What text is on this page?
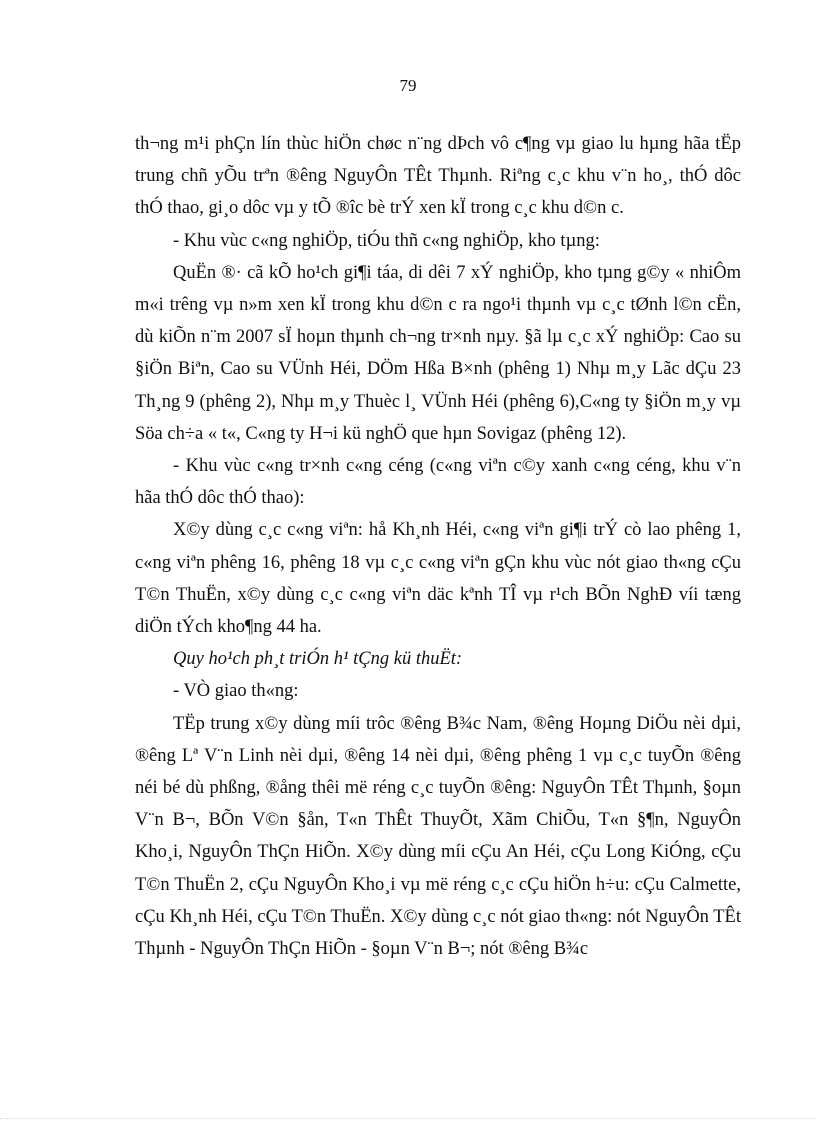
79

th¬ng m¹i phÇn lín thùc hiÖn chøc n¨ng dÞch vô c¶ng vµ giao lu hµng hãa tËp trung chñ yÕu trªn ®êng NguyÔn TÊt Thµnh. Riªng c¸c khu v¨n ho¸, thÓ dôc thÓ thao, gi¸o dôc vµ y tÕ ®îc bè trÝ xen kÏ trong c¸c khu d©n c.

- Khu vùc c«ng nghiÖp, tiÓu thñ c«ng nghiÖp, kho tµng:

QuËn ®· cã kÕ ho¹ch gi¶i táa, di dêi 7 xÝ nghiÖp, kho tµng g©y « nhiÔm m«i trêng vµ n»m xen kÏ trong khu d©n c ra ngo¹i thµnh vµ c¸c tØnh l©n cËn, dù kiÕn n¨m 2007 sÏ hoµn thµnh ch¬ng tr×nh nµy. §ã lµ c¸c xÝ nghiÖp: Cao su §iÖn Biªn, Cao su VÜnh Héi, DÖm Hßa B×nh (phêng 1) Nhµ m¸y Lãc dÇu 23 Th¸ng 9 (phêng 2), Nhµ m¸y Thuèc l¸ VÜnh Héi (phêng 6),C«ng ty §iÖn m¸y vµ Söa ch÷a « t«, C«ng ty H¬i kü nghÖ que hµn Sovigaz (phêng 12).

- Khu vùc c«ng tr×nh c«ng céng (c«ng viªn c©y xanh c«ng céng, khu v¨n hãa thÓ dôc thÓ thao):

X©y dùng c¸c c«ng viªn: hå Kh¸nh Héi, c«ng viªn gi¶i trÝ cò lao phêng 1, c«ng viªn phêng 16, phêng 18 vµ c¸c c«ng viªn gÇn khu vùc nót giao th«ng cÇu T©n ThuËn, x©y dùng c¸c c«ng viªn däc kªnh TÎ vµ r¹ch BÕn NghÐ víi tæng diÖn tÝch kho¶ng 44 ha.

Quy ho¹ch ph¸t triÓn h¹ tÇng kü thuËt:

- VÒ giao th«ng:

TËp trung x©y dùng míi trôc ®êng B¾c Nam, ®êng Hoµng DiÖu nèi dµi, ®êng Lª V¨n Linh nèi dµi, ®êng 14 nèi dµi, ®êng phêng 1 vµ c¸c tuyÕn ®êng néi bé dù phßng, ®ång thêi më réng c¸c tuyÕn ®êng: NguyÔn TÊt Thµnh, §oµn V¨n B¬, BÕn V©n §ån, T«n ThÊt ThuyÕt, Xãm ChiÕu, T«n §¶n, NguyÔn Kho¸i, NguyÔn ThÇn HiÕn. X©y dùng míi cÇu An Héi, cÇu Long KiÓng, cÇu T©n ThuËn 2, cÇu NguyÔn Kho¸i vµ më réng c¸c cÇu hiÖn h÷u: cÇu Calmette, cÇu Kh¸nh Héi, cÇu T©n ThuËn. X©y dùng c¸c nót giao th«ng: nót NguyÔn TÊt Thµnh - NguyÔn ThÇn HiÕn - §oµn V¨n B¬; nót ®êng B¾c
